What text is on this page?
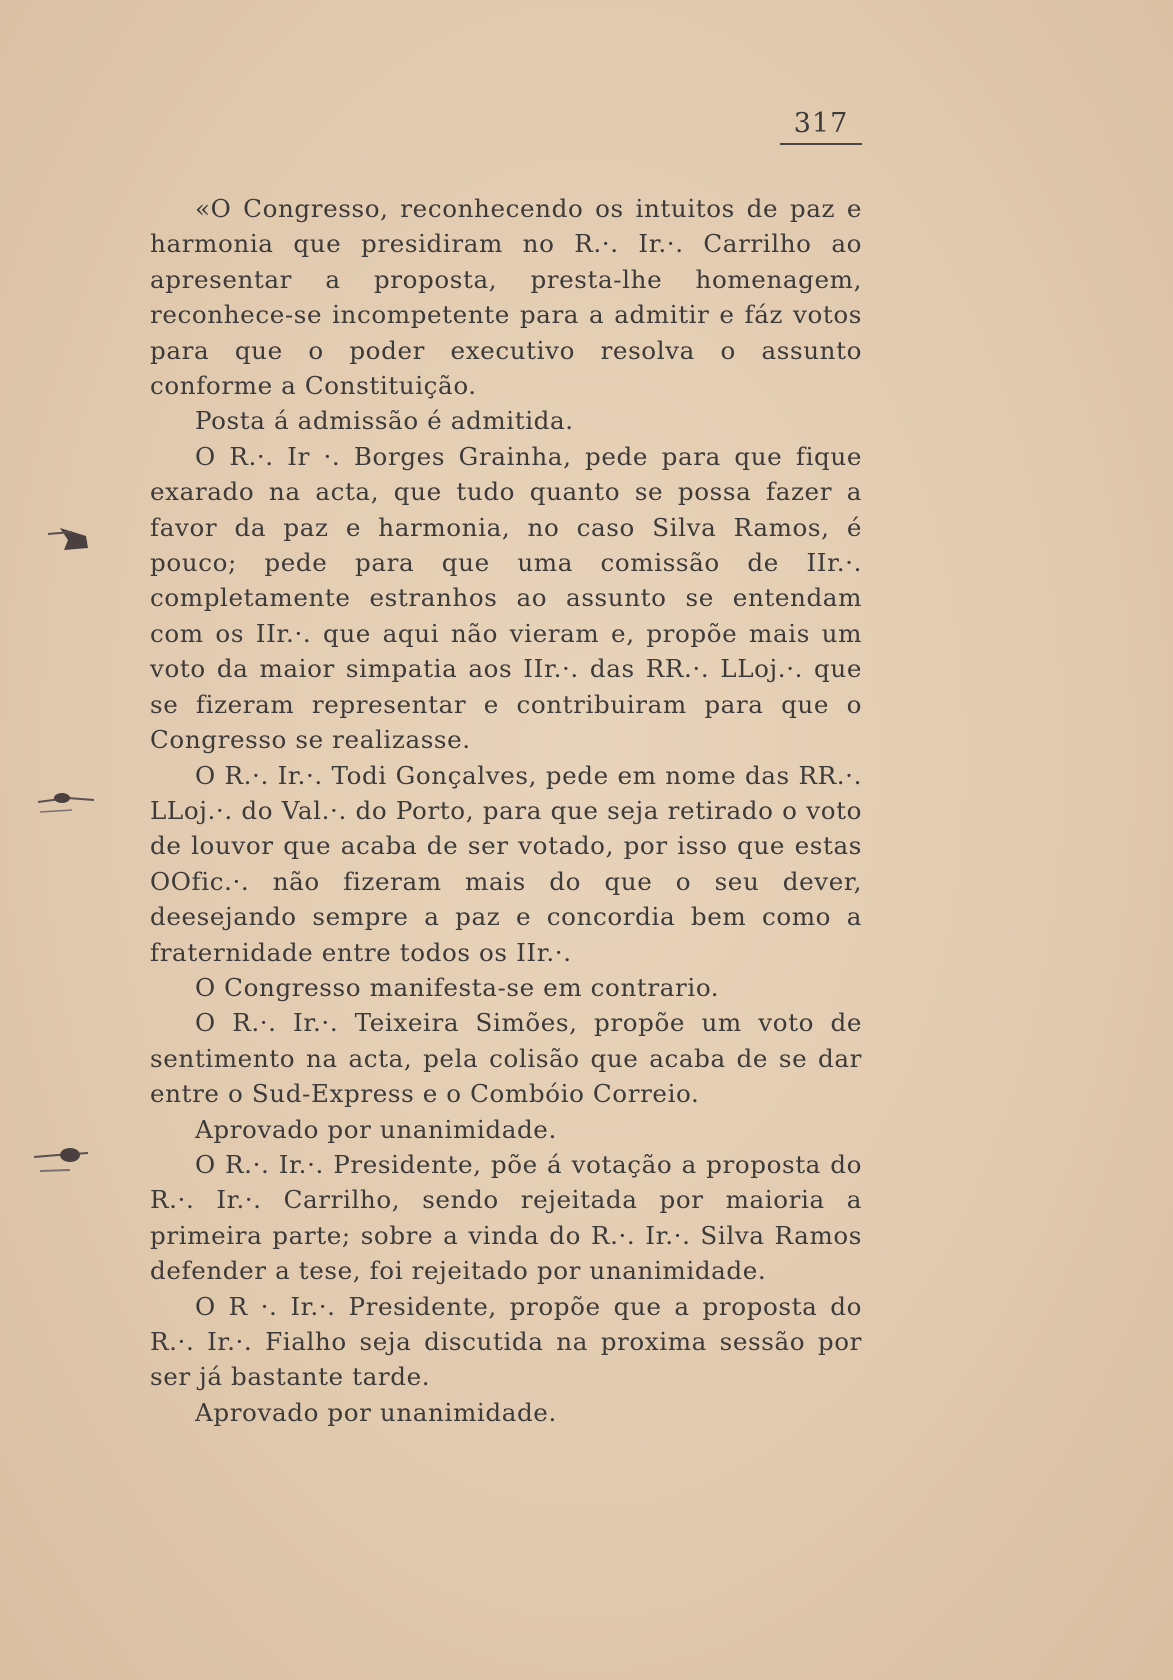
317

«O Congresso, reconhecendo os intuitos de paz e harmonia que presidiram no R.·. Ir.·. Carrilho ao apresentar a proposta, presta-lhe homenagem, reconhece-se incompetente para a admitir e fáz votos para que o poder executivo resolva o assunto conforme a Constituição.

Posta á admissão é admitida.

O R.·. Ir ·. Borges Grainha, pede para que fique exarado na acta, que tudo quanto se possa fazer a favor da paz e harmonia, no caso Silva Ramos, é pouco; pede para que uma comissão de IIr.·. completamente estranhos ao assunto se entendam com os IIr.·. que aqui não vieram e, propõe mais um voto da maior simpatia aos IIr.·. das RR.·. LLoj.·. que se fizeram representar e contribuiram para que o Congresso se realizasse.

O R.·. Ir.·. Todi Gonçalves, pede em nome das RR.·. LLoj.·. do Val.·. do Porto, para que seja retirado o voto de louvor que acaba de ser votado, por isso que estas OOfic.·. não fizeram mais do que o seu dever, deesejando sempre a paz e concordia bem como a fraternidade entre todos os IIr.·.

O Congresso manifesta-se em contrario.

O R.·. Ir.·. Teixeira Simões, propõe um voto de sentimento na acta, pela colisão que acaba de se dar entre o Sud-Express e o Combóio Correio.

Aprovado por unanimidade.

O R.·. Ir.·. Presidente, põe á votação a proposta do R.·. Ir.·. Carrilho, sendo rejeitada por maioria a primeira parte; sobre a vinda do R.·. Ir.·. Silva Ramos defender a tese, foi rejeitado por unanimidade.

O R ·. Ir.·. Presidente, propõe que a proposta do R.·. Ir.·. Fialho seja discutida na proxima sessão por ser já bastante tarde.

Aprovado por unanimidade.
